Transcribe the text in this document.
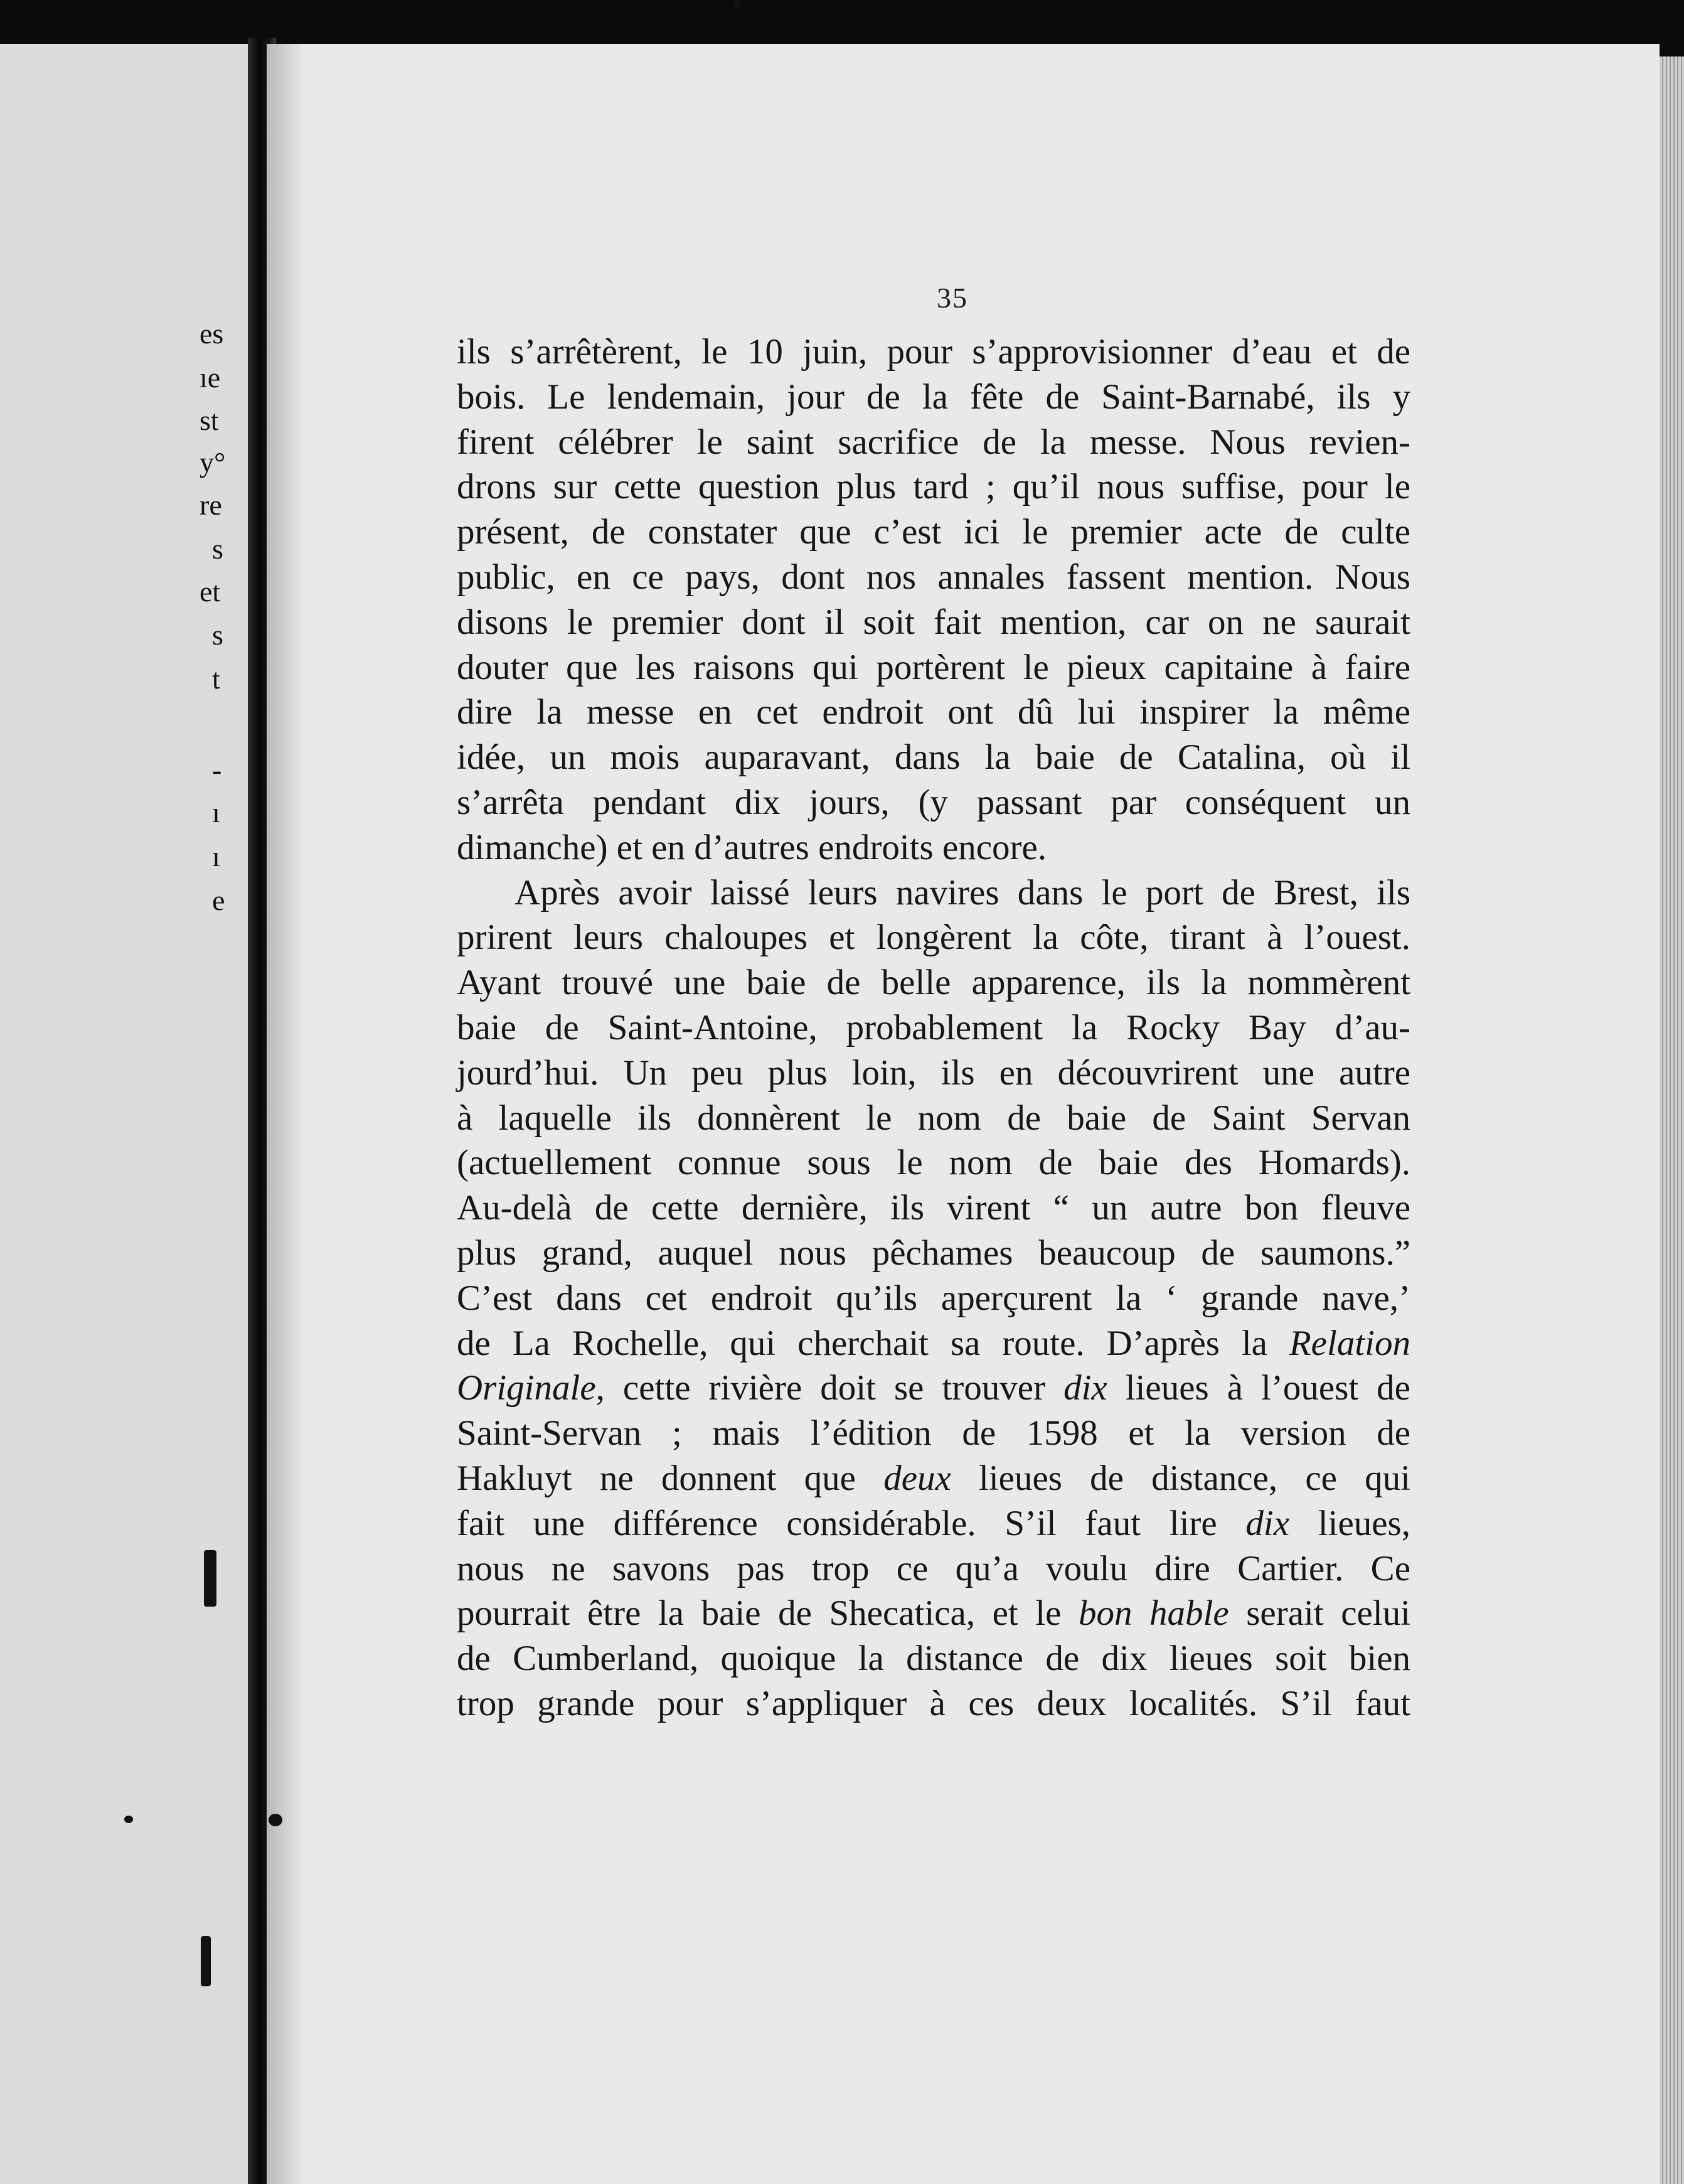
es
ıe
st
y°
re
s
et
s
t
-
ı
ı
e
35
ils s’arrêtèrent, le 10 juin, pour s’approvisionner d’eau et de
bois. Le lendemain, jour de la fête de Saint-Barnabé, ils y
firent célébrer le saint sacrifice de la messe. Nous revien-
drons sur cette question plus tard ; qu’il nous suffise, pour le
présent, de constater que c’est ici le premier acte de culte
public, en ce pays, dont nos annales fassent mention. Nous
disons le premier dont il soit fait mention, car on ne saurait
douter que les raisons qui portèrent le pieux capitaine à faire
dire la messe en cet endroit ont dû lui inspirer la même
idée, un mois auparavant, dans la baie de Catalina, où il
s’arrêta pendant dix jours, (y passant par conséquent un
dimanche) et en d’autres endroits encore.
Après avoir laissé leurs navires dans le port de Brest, ils
prirent leurs chaloupes et longèrent la côte, tirant à l’ouest.
Ayant trouvé une baie de belle apparence, ils la nommèrent
baie de Saint-Antoine, probablement la Rocky Bay d’au-
jourd’hui. Un peu plus loin, ils en découvrirent une autre
à laquelle ils donnèrent le nom de baie de Saint Servan
(actuellement connue sous le nom de baie des Homards).
Au-delà de cette dernière, ils virent “ un autre bon fleuve
plus grand, auquel nous pêchames beaucoup de saumons.”
C’est dans cet endroit qu’ils aperçurent la ‘ grande nave,’
de La Rochelle, qui cherchait sa route. D’après la Relation
Originale, cette rivière doit se trouver dix lieues à l’ouest de
Saint-Servan ; mais l’édition de 1598 et la version de
Hakluyt ne donnent que deux lieues de distance, ce qui
fait une différence considérable. S’il faut lire dix lieues,
nous ne savons pas trop ce qu’a voulu dire Cartier. Ce
pourrait être la baie de Shecatica, et le bon hable serait celui
de Cumberland, quoique la distance de dix lieues soit bien
trop grande pour s’appliquer à ces deux localités. S’il faut
